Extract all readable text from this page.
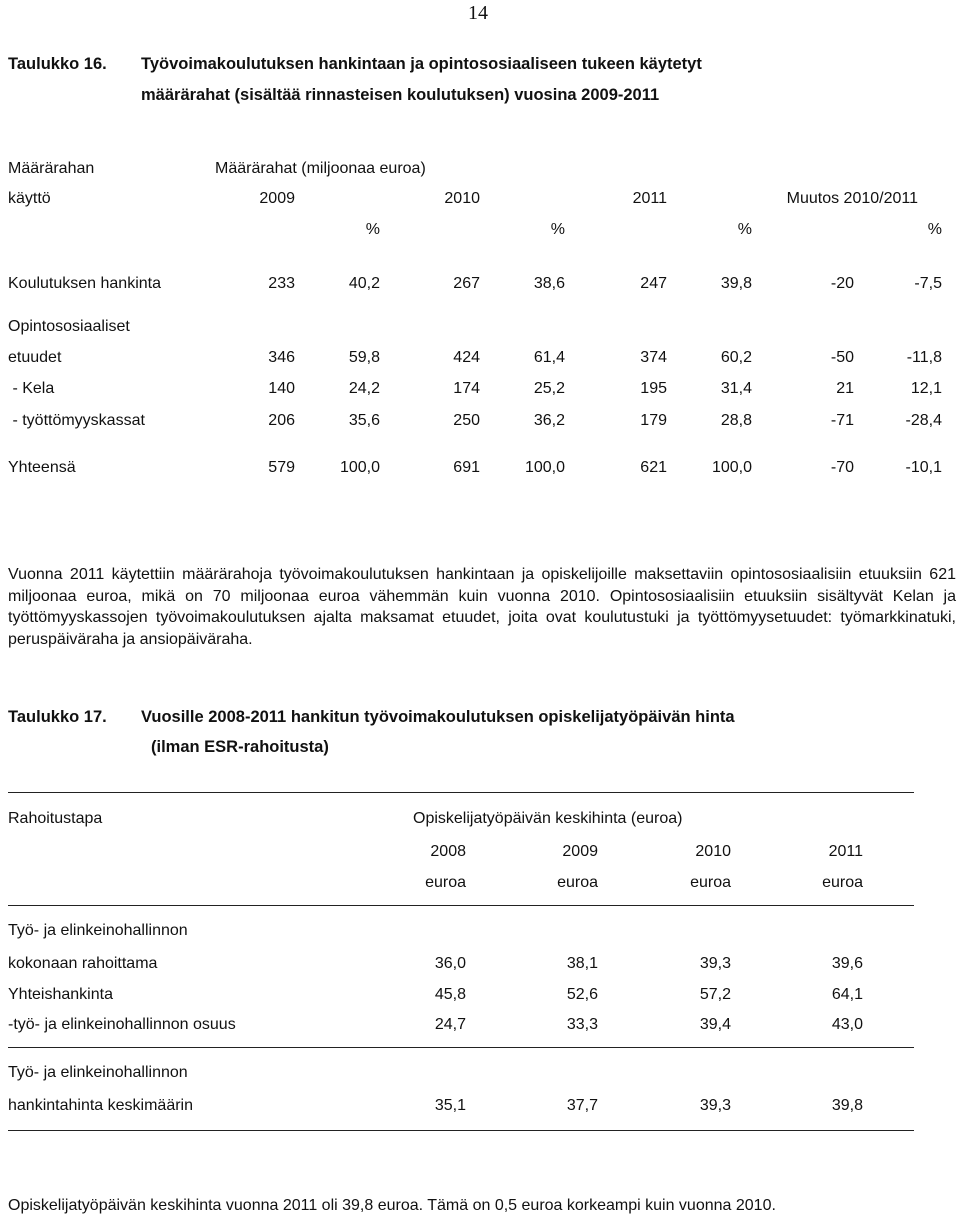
14
Taulukko 16. Työvoimakoulutuksen hankintaan ja opintososiaaliseen tukeen käytetyt
määrärahat (sisältää rinnasteisen koulutuksen) vuosina 2009-2011
Määrärahan	Määrärahat (miljoonaa euroa)
käyttö	2009	2010	2011	Muutos 2010/2011
%	%	%	%
Koulutuksen hankinta	233	40,2	267	38,6	247	39,8	-20	-7,5
Opintososiaaliset
etuudet	346	59,8	424	61,4	374	60,2	-50	-11,8
- Kela	140	24,2	174	25,2	195	31,4	21	12,1
- työttömyyskassat	206	35,6	250	36,2	179	28,8	-71	-28,4
Yhteensä	579	100,0	691	100,0	621	100,0	-70	-10,1
Vuonna 2011 käytettiin määrärahoja työvoimakoulutuksen hankintaan ja opiskelijoille maksettaviin opintososiaalisiin etuuksiin 621 miljoonaa euroa, mikä on 70 miljoonaa euroa vähemmän kuin vuonna 2010. Opintososiaalisiin etuuksiin sisältyvät Kelan ja työttömyyskassojen työvoimakoulutuksen ajalta maksamat etuudet, joita ovat koulutustuki ja työttömyysetuudet: työmarkkinatuki, peruspäiväraha ja ansiopäiväraha.
Taulukko 17. Vuosille 2008-2011 hankitun työvoimakoulutuksen opiskelijatyöpäivän hinta
(ilman ESR-rahoitusta)
Rahoitustapa	Opiskelijatyöpäivän keskihinta (euroa)
2008	2009	2010	2011
euroa	euroa	euroa	euroa
Työ- ja elinkeinohallinnon
kokonaan rahoittama	36,0	38,1	39,3	39,6
Yhteishankinta	45,8	52,6	57,2	64,1
-työ- ja elinkeinohallinnon osuus	24,7	33,3	39,4	43,0
Työ- ja elinkeinohallinnon
hankintahinta keskimäärin	35,1	37,7	39,3	39,8
Opiskelijatyöpäivän keskihinta vuonna 2011 oli 39,8 euroa. Tämä on 0,5 euroa korkeampi kuin vuonna 2010.
